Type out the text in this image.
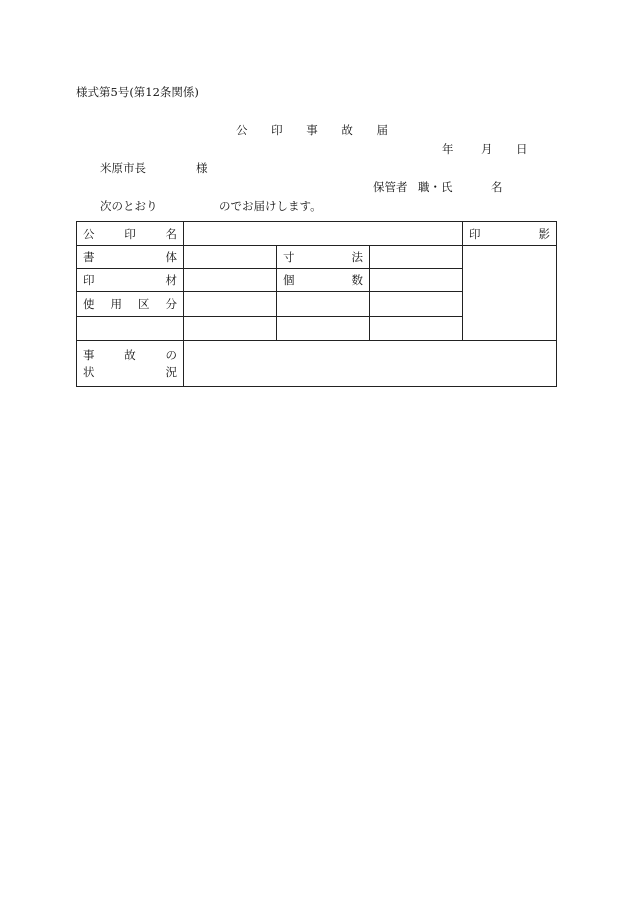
様式第5号(第12条関係)
公 印 事 故 届
年 月 日
米原市長	様
保管者 職・氏	名
次のとおり	のでお届けします。
公 印 名				印 影

書 体		寸 法		

印 材		個 数		

使 用 区 分				

事 故 の
状 況				
